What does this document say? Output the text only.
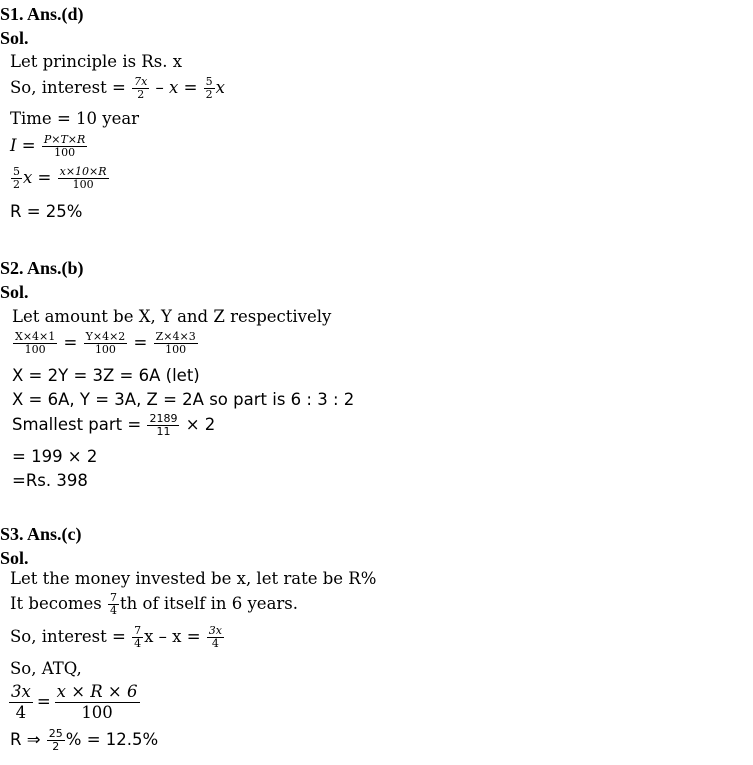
S1. Ans.(d)
Sol.
Let principle is Rs. x
So, interest = $\frac{7x}{2} - x = \frac{5}{2}$ x
Time = 10 year
$I = \frac{P\times T\times R}{100}$
$\frac{5}{2}$ $x = \frac{x\times 10\times R}{100}$
R = 25%
S2. Ans.(b)
Sol.
Let amount be X, Y and Z respectively
$\frac{X\times 4\times 1}{100} = \frac{Y\times 4\times 2}{100} = \frac{Z\times 4\times 3}{100}$
X = 2Y = 3Z = 6A (let)
X = 6A, Y = 3A, Z = 2A so part is 6 : 3 : 2
Smallest part = $\frac{2189}{11} \times 2$
= 199 × 2
=Rs. 398
S3. Ans.(c)
Sol.
Let the money invested be x, let rate be R%
It becomes $\frac{7}{4}$ th of itself in 6 years.
So, interest = $\frac{7}{4}$ $x - x = \frac{3x}{4}$
So, ATQ,
$\frac{3x}{4} = \frac{x \times R \times 6}{100}$
R ⇒ $\frac{25}{2}$ % = 12.5%
